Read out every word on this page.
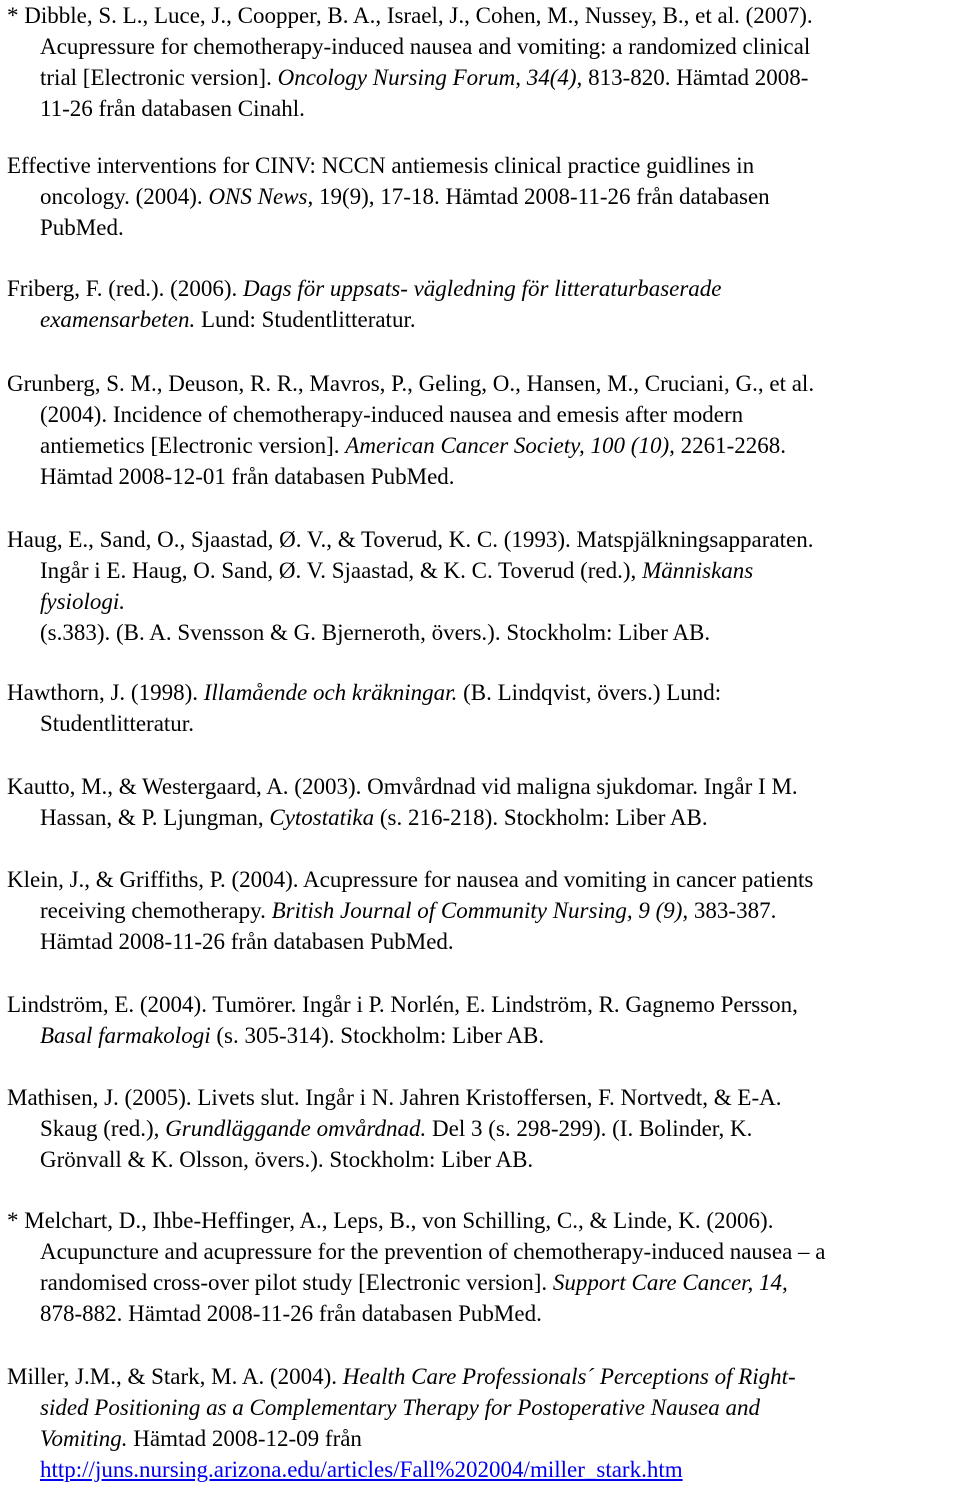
* Dibble, S. L., Luce, J., Coopper, B. A., Israel, J., Cohen, M., Nussey, B., et al. (2007).
Acupressure for chemotherapy-induced nausea and vomiting: a randomized clinical
trial [Electronic version]. Oncology Nursing Forum, 34(4), 813-820. Hämtad 2008-
11-26 från databasen Cinahl.
Effective interventions for CINV: NCCN antiemesis clinical practice guidlines in
oncology. (2004). ONS News, 19(9), 17-18. Hämtad 2008-11-26 från databasen
PubMed.
Friberg, F. (red.). (2006). Dags för uppsats- vägledning för litteraturbaserade
examensarbeten. Lund: Studentlitteratur.
Grunberg, S. M., Deuson, R. R., Mavros, P., Geling, O., Hansen, M., Cruciani, G., et al.
(2004). Incidence of chemotherapy-induced nausea and emesis after modern
antiemetics [Electronic version]. American Cancer Society, 100 (10), 2261-2268.
Hämtad 2008-12-01 från databasen PubMed.
Haug, E., Sand, O., Sjaastad, Ø. V., & Toverud, K. C. (1993). Matspjälkningsapparaten.
Ingår i E. Haug, O. Sand, Ø. V. Sjaastad, & K. C. Toverud (red.), Människans
fysiologi.
(s.383). (B. A. Svensson & G. Bjerneroth, övers.). Stockholm: Liber AB.
Hawthorn, J. (1998). Illamående och kräkningar. (B. Lindqvist, övers.) Lund:
Studentlitteratur.
Kautto, M., & Westergaard, A. (2003). Omvårdnad vid maligna sjukdomar. Ingår I M.
Hassan, & P. Ljungman, Cytostatika (s. 216-218). Stockholm: Liber AB.
Klein, J., & Griffiths, P. (2004). Acupressure for nausea and vomiting in cancer patients
receiving chemotherapy. British Journal of Community Nursing, 9 (9), 383-387.
Hämtad 2008-11-26 från databasen PubMed.
Lindström, E. (2004). Tumörer. Ingår i P. Norlén, E. Lindström, R. Gagnemo Persson,
Basal farmakologi (s. 305-314). Stockholm: Liber AB.
Mathisen, J. (2005). Livets slut. Ingår i N. Jahren Kristoffersen, F. Nortvedt, & E-A.
Skaug (red.), Grundläggande omvårdnad. Del 3 (s. 298-299). (I. Bolinder, K.
Grönvall & K. Olsson, övers.). Stockholm: Liber AB.
* Melchart, D., Ihbe-Heffinger, A., Leps, B., von Schilling, C., & Linde, K. (2006).
Acupuncture and acupressure for the prevention of chemotherapy-induced nausea – a
randomised cross-over pilot study [Electronic version]. Support Care Cancer, 14,
878-882. Hämtad 2008-11-26 från databasen PubMed.
Miller, J.M., & Stark, M. A. (2004). Health Care Professionals´ Perceptions of Right-
sided Positioning as a Complementary Therapy for Postoperative Nausea and
Vomiting. Hämtad 2008-12-09 från
http://juns.nursing.arizona.edu/articles/Fall%202004/miller_stark.htm
